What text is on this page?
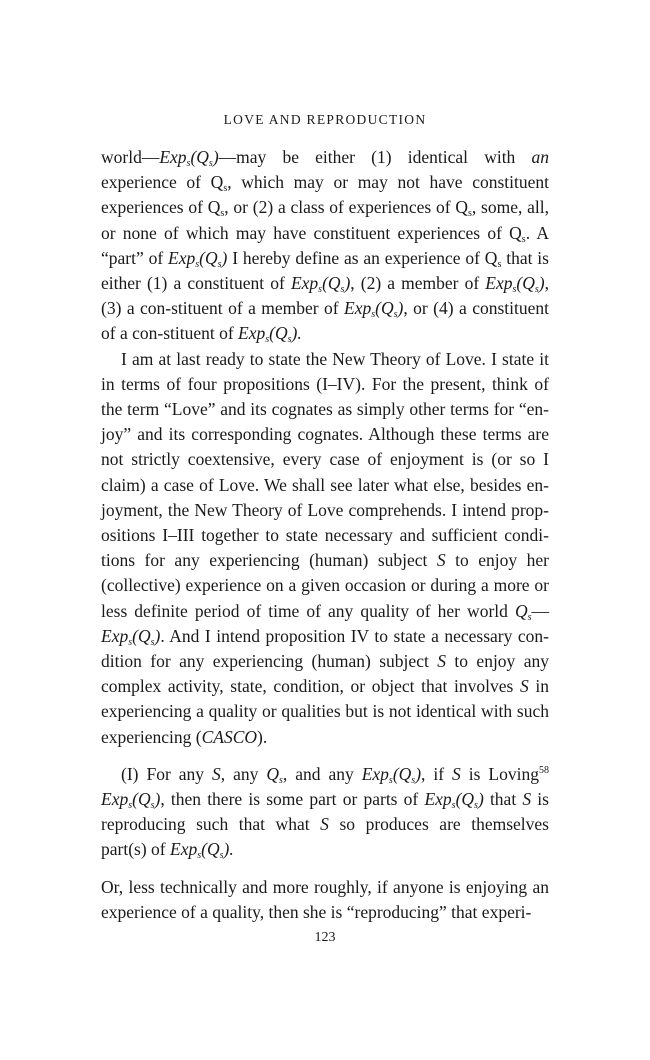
LOVE AND REPRODUCTION

$world—Exp_s(Q_s)—may$ be either (1) identical with an experience of $Q_s$, which may or may not have constituent experiences of $Q_s$, or (2) a class of experiences of $Q_s$, some, all, or none of which may have constituent experiences of $Q_s$. A “part” of $Exp_s(Q_s)$ I hereby define as an experience of $Q_s$ that is either (1) a constituent of $Exp_s(Q_s)$, (2) a member of $Exp_s(Q_s)$, (3) a con-stituent of a member of $Exp_s(Q_s)$, or (4) a constituent of a con-stituent of $Exp_s(Q_s)$.

I am at last ready to state the New Theory of Love. I state it in terms of four propositions (I–IV). For the present, think of the term “Love” and its cognates as simply other terms for “en-joy” and its corresponding cognates. Although these terms are not strictly coextensive, every case of enjoyment is (or so I claim) a case of Love. We shall see later what else, besides en-joyment, the New Theory of Love comprehends. I intend prop-ositions I–III together to state necessary and sufficient condi-tions for any experiencing (human) subject S to enjoy her (collective) experience on a given occasion or during a more or less definite period of time of any quality of her world $Q_s—Exp_s(Q_s)$. And I intend proposition IV to state a necessary con-dition for any experiencing (human) subject S to enjoy any complex activity, state, condition, or object that involves S in experiencing a quality or qualities but is not identical with such experiencing (CASCO).

(I) For any S, any $Q_s$, and any $Exp_s(Q_s)$, if S is Loving$^{58}$ $Exp_s(Q_s)$, then there is some part or parts of $Exp_s(Q_s)$ that S is reproducing such that what S so produces are themselves part(s) of $Exp_s(Q_s)$.

Or, less technically and more roughly, if anyone is enjoying an experience of a quality, then she is “reproducing” that experi-

123
